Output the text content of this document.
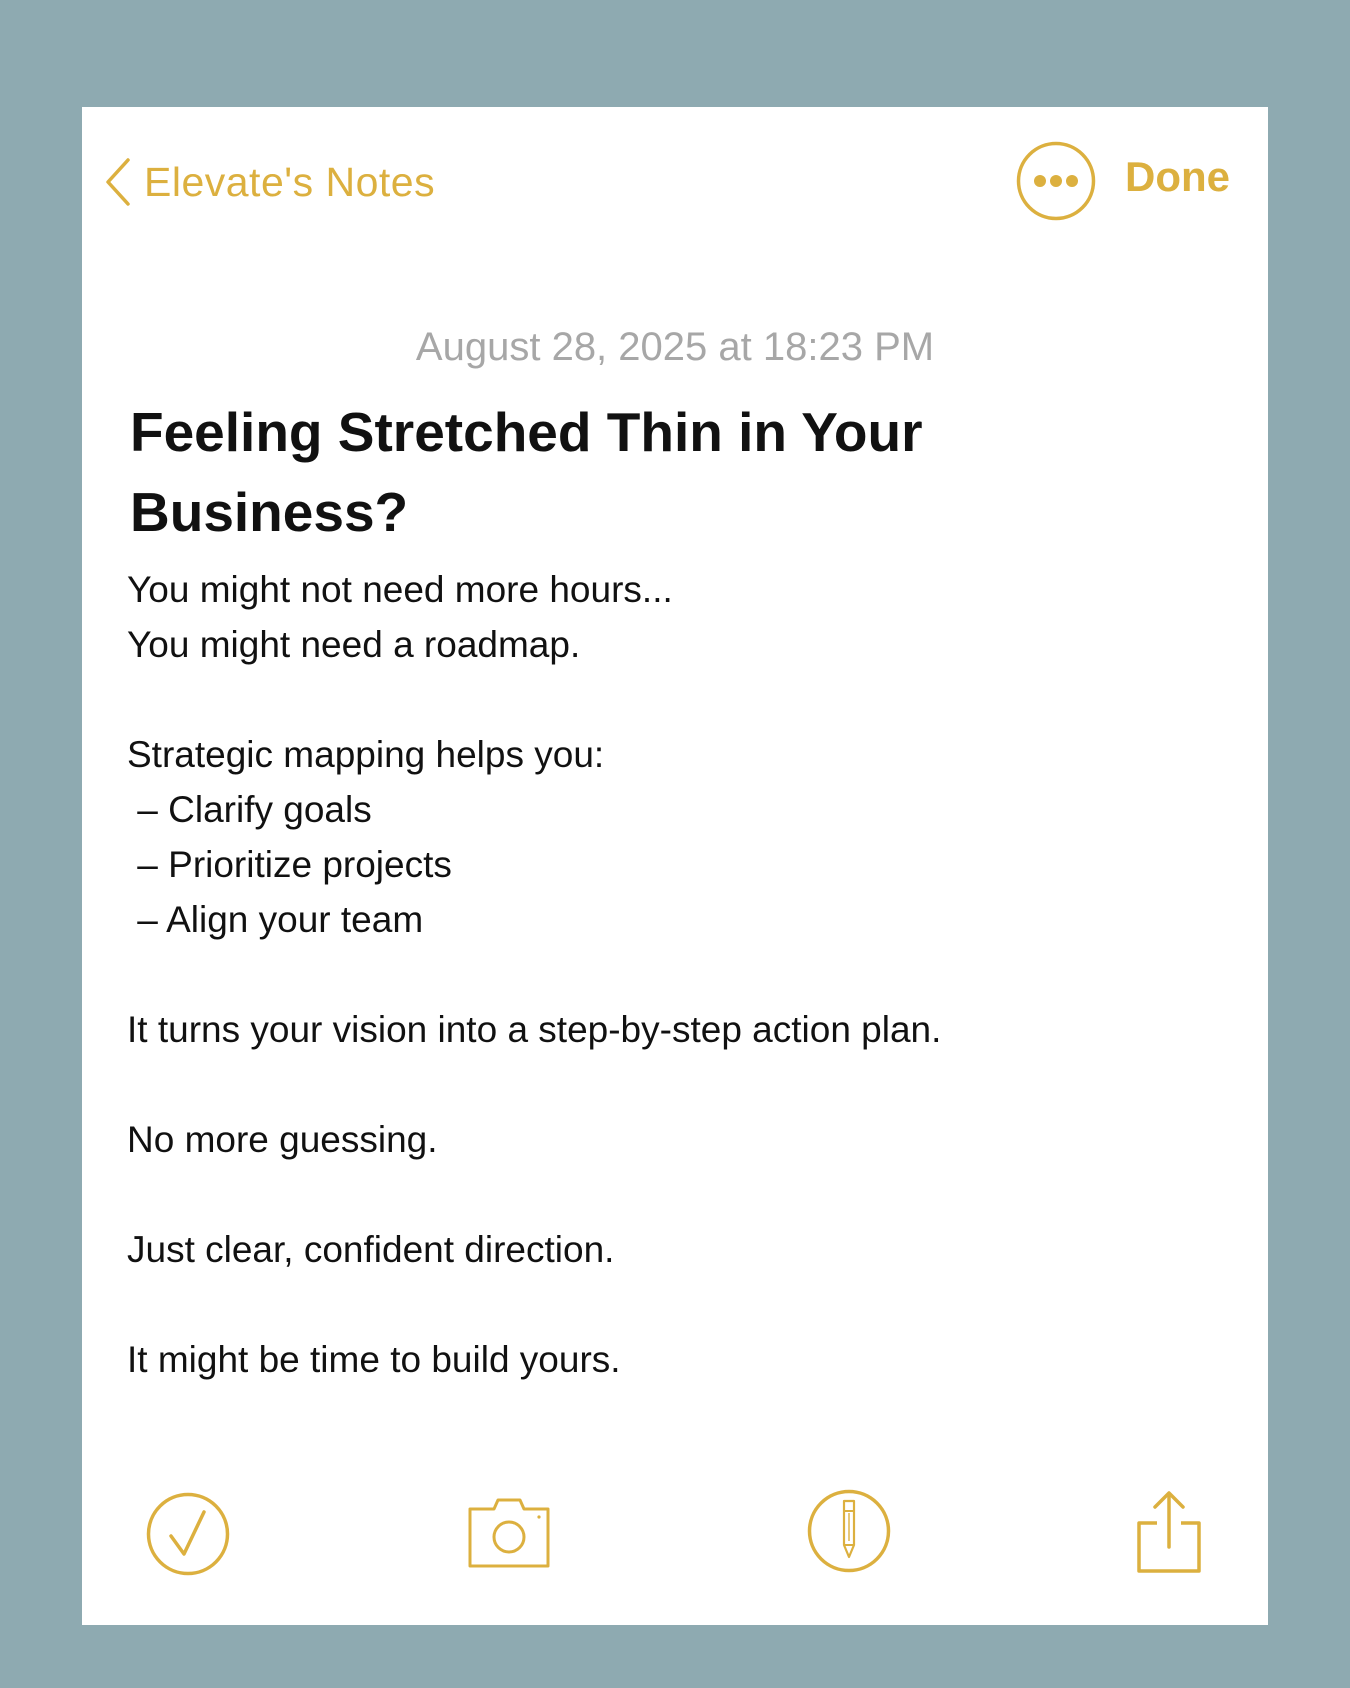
Elevate's Notes	Done
August 28, 2025 at 18:23 PM
Feeling Stretched Thin in Your Business?
You might not need more hours...
You might need a roadmap.
Strategic mapping helps you:
– Clarify goals
– Prioritize projects
– Align your team
It turns your vision into a step-by-step action plan.
No more guessing.
Just clear, confident direction.
It might be time to build yours.
